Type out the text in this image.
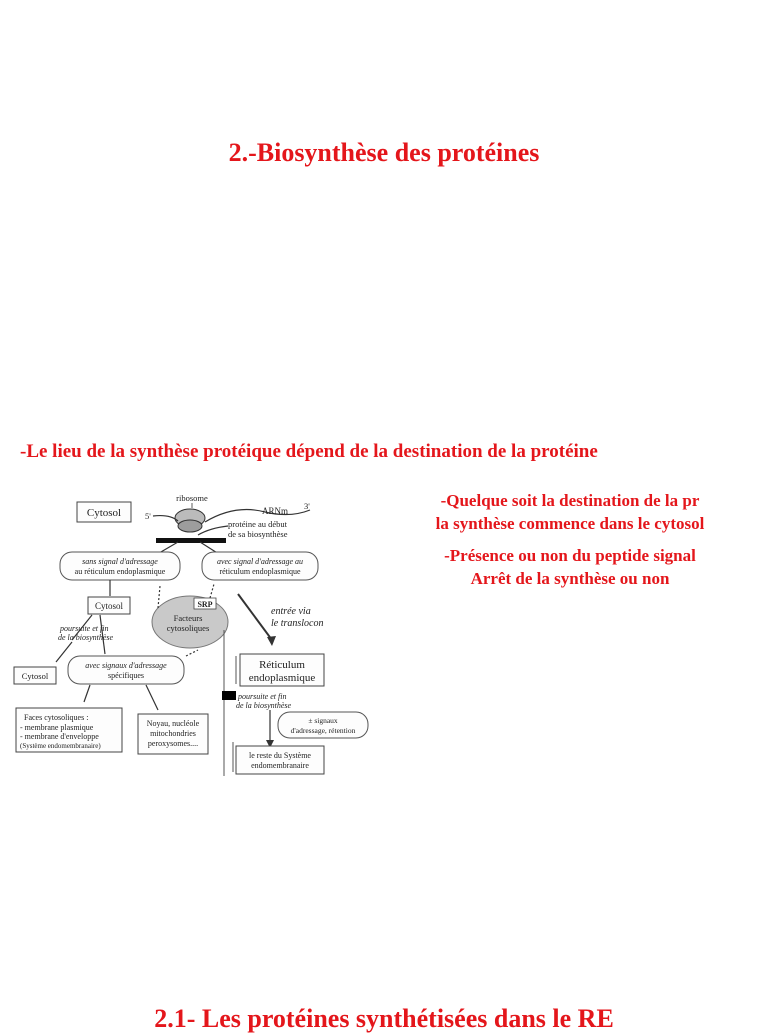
2.-Biosynthèse des protéines
-Le lieu de la synthèse protéique dépend de la destination de la protéine
-Quelque soit la destination de la pr
la synthèse commence dans le cytosol
-Présence ou non du peptide signal
Arrêt de la synthèse ou non
Cytosol
ribosome
5'	ARNm 3'
protéine au début
de sa biosynthèse
sans signal d'adressage
au réticulum endoplasmique
avec signal d'adressage au
réticulum endoplasmique
Cytosol	SRP
Facteurs
cytosoliques
entrée via
le translocon
poursuite et fin
de la biosynthèse
Cytosol
avec signaux d'adressage
spécifiques
Réticulum
endoplasmique
poursuite et fin
de la biosynthèse
± signaux
d'adressage, rétention
Faces cytosoliques :
- membrane plasmique
- membrane d'enveloppe
(Système endomembranaire)
Noyau, nucléole
mitochondries
peroxysomes....
le reste du Système
endomembranaire
2.1- Les protéines synthétisées dans le RE
